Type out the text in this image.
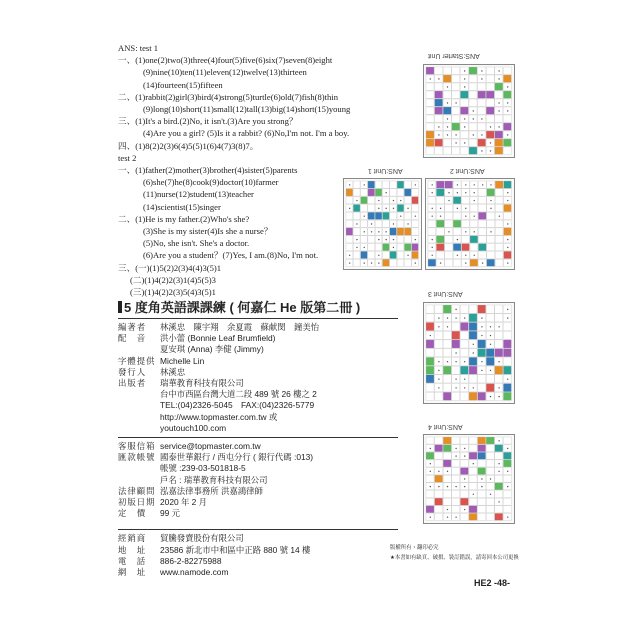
ANS: test 1
一、(1)one(2)two(3)three(4)four(5)five(6)six(7)seven(8)eight
(9)nine(10)ten(11)eleven(12)twelve(13)thirteen
(14)fourteen(15)fifteen
二、(1)rabbit(2)girl(3)bird(4)strong(5)turtle(6)old(7)fish(8)thin
(9)long(10)short(11)small(12)tall(13)big(14)short(15)young
三、(1)It's a bird.(2)No, it isn't.(3)Are you strong？
(4)Are you a girl? (5)Is it a rabbit? (6)No,I'm not. I'm a boy.
四、(1)8(2)2(3)6(4)5(5)1(6)4(7)3(8)7。
test 2
一、(1)father(2)mother(3)brother(4)sister(5)parents
(6)she(7)he(8)cook(9)doctor(10)farmer
(11)nurse(12)student(13)teacher
(14)scientist(15)singer
二、(1)He is my father.(2)Who's she?
(3)She is my sister(4)Is she a nurse？
(5)No, she isn't. She's a doctor.
(6)Are you a student？(7)Yes, I am.(8)No, I'm not.
三、(一)(1)5(2)2(3)4(4)3(5)1
(二)(1)4(2)2(3)1(4)5(5)3
(三)(1)4(2)2(3)5(4)3(5)1
ANS:Starter Unit
ANS:Unit 1	ANS:Unit 2
ANS:Unit 3
ANS:Unit 4
5 度角英語課課練 ( 何嘉仁 He 版第二冊 )
編著者	林溪忠　陳宇翔　余夏霞　蘇献閔　鐘美怡
配　音	洪小蕾 (Bonnie Leaf Brumfield)
夏安琪 (Anna) 李健 (Jimmy)
字體提供 Michelle Lin
發行人	林溪忠
出版者	瑞華教育科技有限公司
台中市西區台灣大道二段 489 號 26 樓之 2
TEL:(04)2326-5045　FAX:(04)2326-5779
http://www.topmaster.com.tw 或
youtouch100.com
客服信箱 service@topmaster.com.tw
匯款帳號 國泰世華銀行 / 西屯分行 ( 銀行代碼 :013)
帳號 :239-03-501818-5
戶名 : 瑞華教育科技有限公司
法律顧問 泓嘉法律事務所 洪嘉鴻律師
初版日期 2020 年 2 月
定　價	99 元
經銷商	貿騰發賣股份有限公司
地　址	23586 新北市中和區中正路 880 號 14 樓
電　話	886-2-82275988
網　址	www.namode.com
版權所有・翻印必究
★本書如有缺頁、破損、裝訂錯誤，請寄回本公司更換
HE2 -48-
